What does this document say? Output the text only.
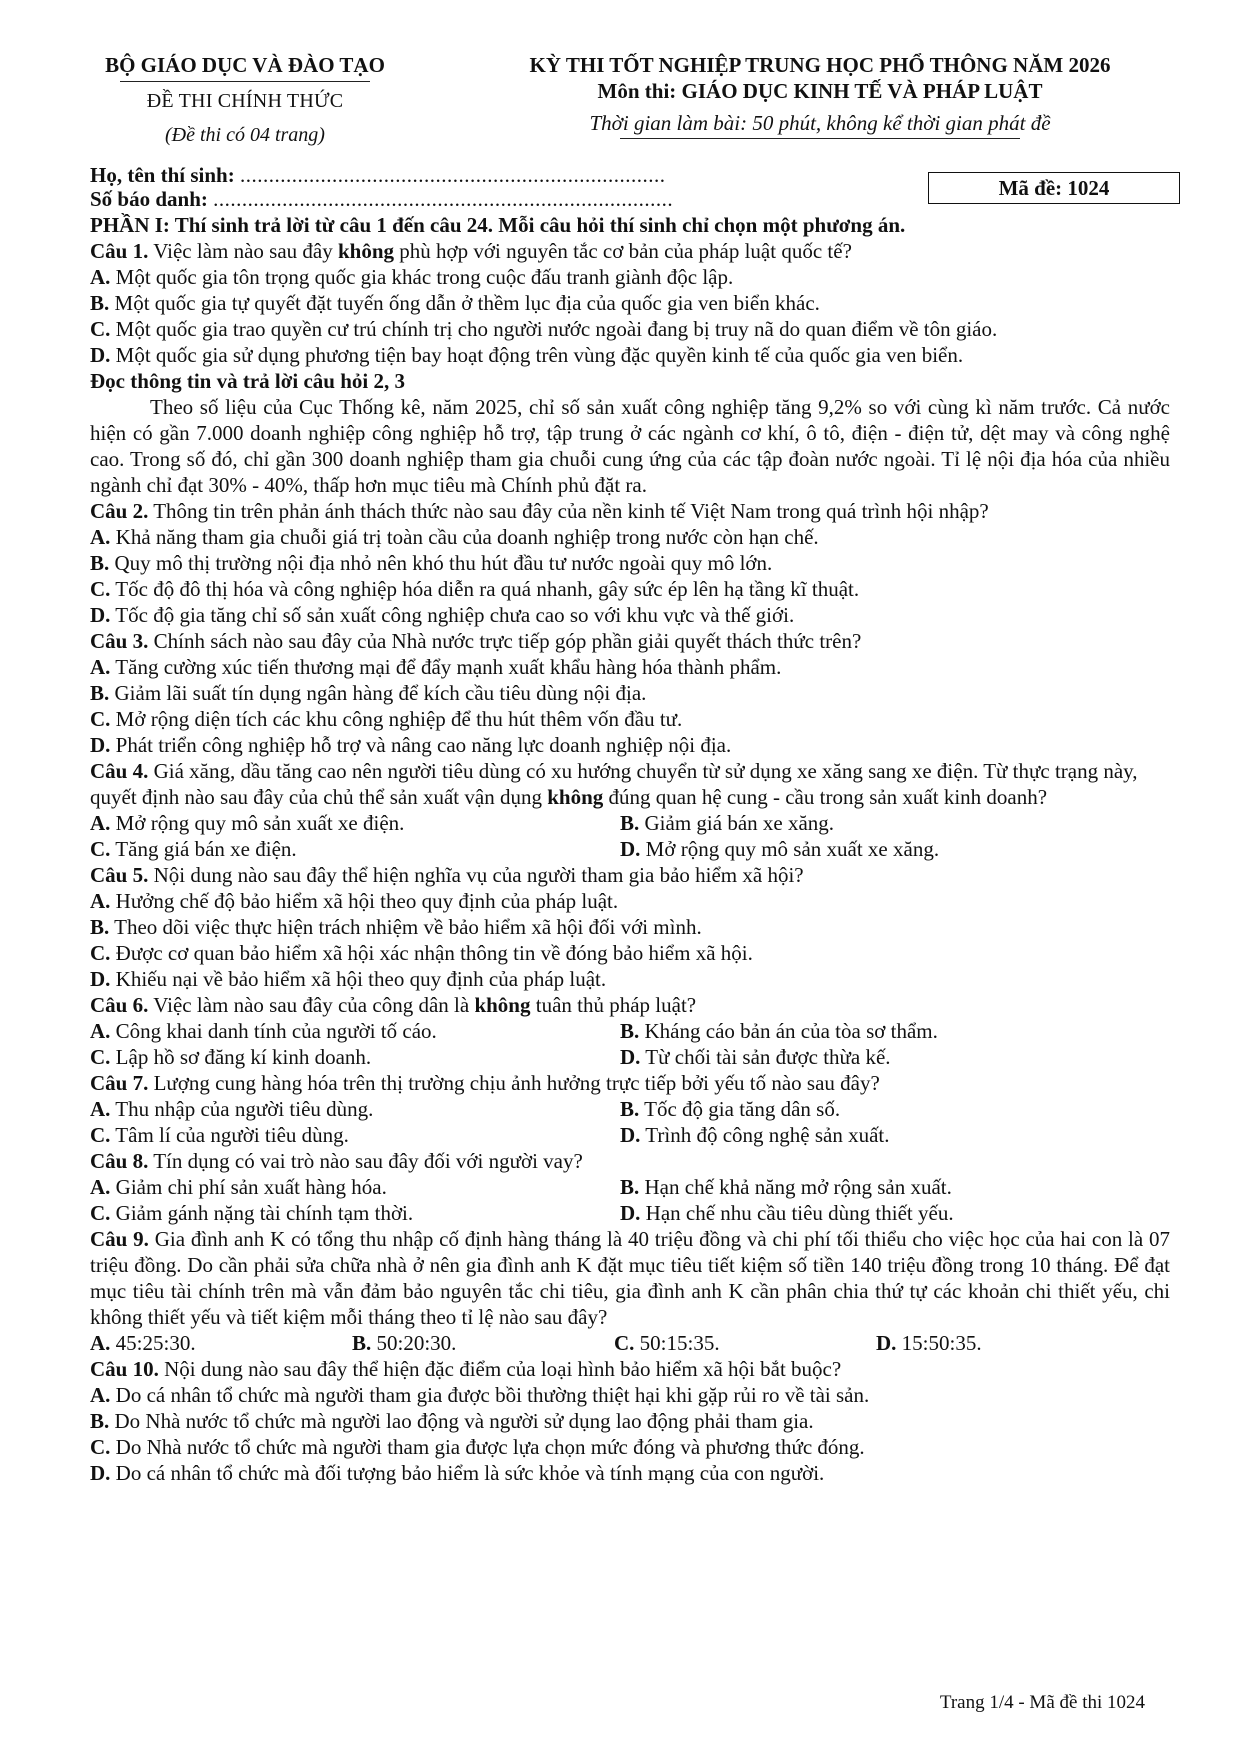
BỘ GIÁO DỤC VÀ ĐÀO TẠO
ĐỀ THI CHÍNH THỨC
(Đề thi có 04 trang)
KỲ THI TỐT NGHIỆP TRUNG HỌC PHỔ THÔNG NĂM 2026
Môn thi: GIÁO DỤC KINH TẾ VÀ PHÁP LUẬT
Thời gian làm bài: 50 phút, không kể thời gian phát đề
Họ, tên thí sinh: ..........................................................................
Số báo danh: ................................................................................	Mã đề: 1024

PHẦN I: Thí sinh trả lời từ câu 1 đến câu 24. Mỗi câu hỏi thí sinh chỉ chọn một phương án.

Câu 1. Việc làm nào sau đây không phù hợp với nguyên tắc cơ bản của pháp luật quốc tế?

A. Một quốc gia tôn trọng quốc gia khác trong cuộc đấu tranh giành độc lập.

B. Một quốc gia tự quyết đặt tuyến ống dẫn ở thềm lục địa của quốc gia ven biển khác.

C. Một quốc gia trao quyền cư trú chính trị cho người nước ngoài đang bị truy nã do quan điểm về tôn giáo.

D. Một quốc gia sử dụng phương tiện bay hoạt động trên vùng đặc quyền kinh tế của quốc gia ven biển.

Đọc thông tin và trả lời câu hỏi 2, 3

Theo số liệu của Cục Thống kê, năm 2025, chỉ số sản xuất công nghiệp tăng 9,2% so với cùng kì năm trước. Cả nước hiện có gần 7.000 doanh nghiệp công nghiệp hỗ trợ, tập trung ở các ngành cơ khí, ô tô, điện - điện tử, dệt may và công nghệ cao. Trong số đó, chỉ gần 300 doanh nghiệp tham gia chuỗi cung ứng của các tập đoàn nước ngoài. Tỉ lệ nội địa hóa của nhiều ngành chỉ đạt 30% - 40%, thấp hơn mục tiêu mà Chính phủ đặt ra.

Câu 2. Thông tin trên phản ánh thách thức nào sau đây của nền kinh tế Việt Nam trong quá trình hội nhập?

A. Khả năng tham gia chuỗi giá trị toàn cầu của doanh nghiệp trong nước còn hạn chế.

B. Quy mô thị trường nội địa nhỏ nên khó thu hút đầu tư nước ngoài quy mô lớn.

C. Tốc độ đô thị hóa và công nghiệp hóa diễn ra quá nhanh, gây sức ép lên hạ tầng kĩ thuật.

D. Tốc độ gia tăng chỉ số sản xuất công nghiệp chưa cao so với khu vực và thế giới.

Câu 3. Chính sách nào sau đây của Nhà nước trực tiếp góp phần giải quyết thách thức trên?

A. Tăng cường xúc tiến thương mại để đẩy mạnh xuất khẩu hàng hóa thành phẩm.

B. Giảm lãi suất tín dụng ngân hàng để kích cầu tiêu dùng nội địa.

C. Mở rộng diện tích các khu công nghiệp để thu hút thêm vốn đầu tư.

D. Phát triển công nghiệp hỗ trợ và nâng cao năng lực doanh nghiệp nội địa.

Câu 4. Giá xăng, dầu tăng cao nên người tiêu dùng có xu hướng chuyển từ sử dụng xe xăng sang xe điện. Từ thực trạng này, quyết định nào sau đây của chủ thể sản xuất vận dụng không đúng quan hệ cung - cầu trong sản xuất kinh doanh?

A. Mở rộng quy mô sản xuất xe điện.	B. Giảm giá bán xe xăng.
C. Tăng giá bán xe điện.	D. Mở rộng quy mô sản xuất xe xăng.

Câu 5. Nội dung nào sau đây thể hiện nghĩa vụ của người tham gia bảo hiểm xã hội?

A. Hưởng chế độ bảo hiểm xã hội theo quy định của pháp luật.

B. Theo dõi việc thực hiện trách nhiệm về bảo hiểm xã hội đối với mình.

C. Được cơ quan bảo hiểm xã hội xác nhận thông tin về đóng bảo hiểm xã hội.

D. Khiếu nại về bảo hiểm xã hội theo quy định của pháp luật.

Câu 6. Việc làm nào sau đây của công dân là không tuân thủ pháp luật?

A. Công khai danh tính của người tố cáo.	B. Kháng cáo bản án của tòa sơ thẩm.
C. Lập hồ sơ đăng kí kinh doanh.	D. Từ chối tài sản được thừa kế.

Câu 7. Lượng cung hàng hóa trên thị trường chịu ảnh hưởng trực tiếp bởi yếu tố nào sau đây?

A. Thu nhập của người tiêu dùng.	B. Tốc độ gia tăng dân số.
C. Tâm lí của người tiêu dùng.	D. Trình độ công nghệ sản xuất.

Câu 8. Tín dụng có vai trò nào sau đây đối với người vay?

A. Giảm chi phí sản xuất hàng hóa.	B. Hạn chế khả năng mở rộng sản xuất.
C. Giảm gánh nặng tài chính tạm thời.	D. Hạn chế nhu cầu tiêu dùng thiết yếu.

Câu 9. Gia đình anh K có tổng thu nhập cố định hàng tháng là 40 triệu đồng và chi phí tối thiểu cho việc học của hai con là 07 triệu đồng. Do cần phải sửa chữa nhà ở nên gia đình anh K đặt mục tiêu tiết kiệm số tiền 140 triệu đồng trong 10 tháng. Để đạt mục tiêu tài chính trên mà vẫn đảm bảo nguyên tắc chi tiêu, gia đình anh K cần phân chia thứ tự các khoản chi thiết yếu, chi không thiết yếu và tiết kiệm mỗi tháng theo tỉ lệ nào sau đây?

A. 45:25:30.	B. 50:20:30.	C. 50:15:35.	D. 15:50:35.

Câu 10. Nội dung nào sau đây thể hiện đặc điểm của loại hình bảo hiểm xã hội bắt buộc?

A. Do cá nhân tổ chức mà người tham gia được bồi thường thiệt hại khi gặp rủi ro về tài sản.

B. Do Nhà nước tổ chức mà người lao động và người sử dụng lao động phải tham gia.

C. Do Nhà nước tổ chức mà người tham gia được lựa chọn mức đóng và phương thức đóng.

D. Do cá nhân tổ chức mà đối tượng bảo hiểm là sức khỏe và tính mạng của con người.

Trang 1/4 - Mã đề thi 1024
